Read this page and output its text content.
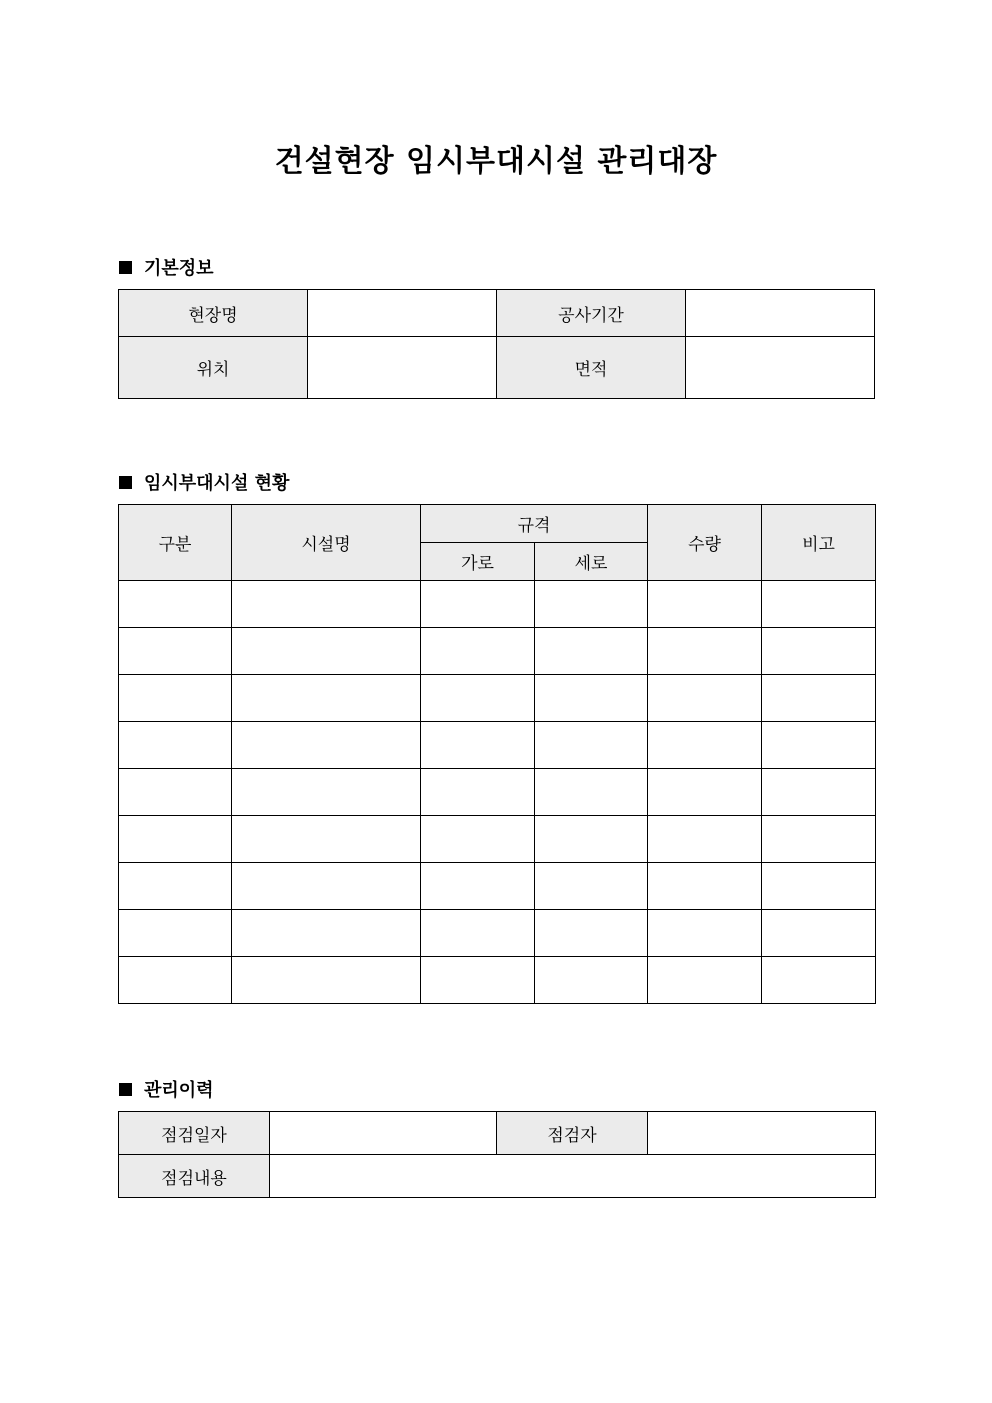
건설현장 임시부대시설 관리대장
기본정보
현장명		공사기간	
위치		면적	
임시부대시설 현황
구분	시설명	규격		수량	비고
		가로	세로		

관리이력
점검일자		점검자	
점검내용			
